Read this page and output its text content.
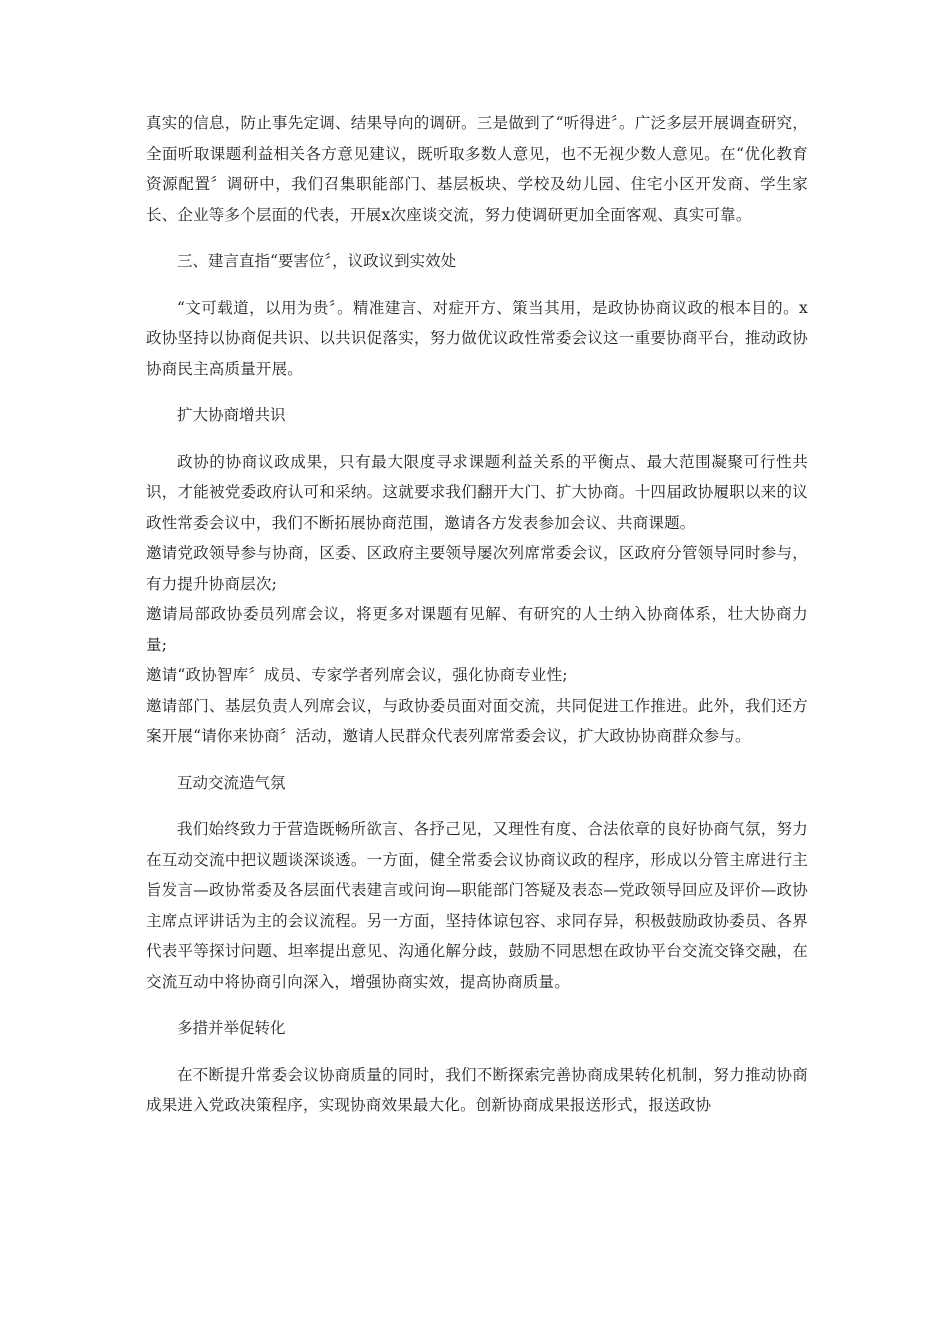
真实的信息，防止事先定调、结果导向的调研。三是做到了“听得进〞。广泛多层开展调查研究，全面听取课题利益相关各方意见建议，既听取多数人意见，也不无视少数人意见。在“优化教育资源配置〞调研中，我们召集职能部门、基层板块、学校及幼儿园、住宅小区开发商、学生家长、企业等多个层面的代表，开展x次座谈交流，努力使调研更加全面客观、真实可靠。

三、建言直指“要害位〞，议政议到实效处

“文可载道，以用为贵〞。精准建言、对症开方、策当其用，是政协协商议政的根本目的。x政协坚持以协商促共识、以共识促落实，努力做优议政性常委会议这一重要协商平台，推动政协协商民主高质量开展。

扩大协商增共识

政协的协商议政成果，只有最大限度寻求课题利益关系的平衡点、最大范围凝聚可行性共识，才能被党委政府认可和采纳。这就要求我们翻开大门、扩大协商。十四届政协履职以来的议政性常委会议中，我们不断拓展协商范围，邀请各方发表参加会议、共商课题。

邀请党政领导参与协商，区委、区政府主要领导屡次列席常委会议，区政府分管领导同时参与，有力提升协商层次;

邀请局部政协委员列席会议，将更多对课题有见解、有研究的人士纳入协商体系，壮大协商力量;

邀请“政协智库〞成员、专家学者列席会议，强化协商专业性;

邀请部门、基层负责人列席会议，与政协委员面对面交流，共同促进工作推进。此外，我们还方案开展“请你来协商〞活动，邀请人民群众代表列席常委会议，扩大政协协商群众参与。

互动交流造气氛

我们始终致力于营造既畅所欲言、各抒己见，又理性有度、合法依章的良好协商气氛，努力在互动交流中把议题谈深谈透。一方面，健全常委会议协商议政的程序，形成以分管主席进行主旨发言—政协常委及各层面代表建言或问询—职能部门答疑及表态—党政领导回应及评价—政协主席点评讲话为主的会议流程。另一方面，坚持体谅包容、求同存异，积极鼓励政协委员、各界代表平等探讨问题、坦率提出意见、沟通化解分歧，鼓励不同思想在政协平台交流交锋交融，在交流互动中将协商引向深入，增强协商实效，提高协商质量。

多措并举促转化

在不断提升常委会议协商质量的同时，我们不断探索完善协商成果转化机制，努力推动协商成果进入党政决策程序，实现协商效果最大化。创新协商成果报送形式，报送政协
